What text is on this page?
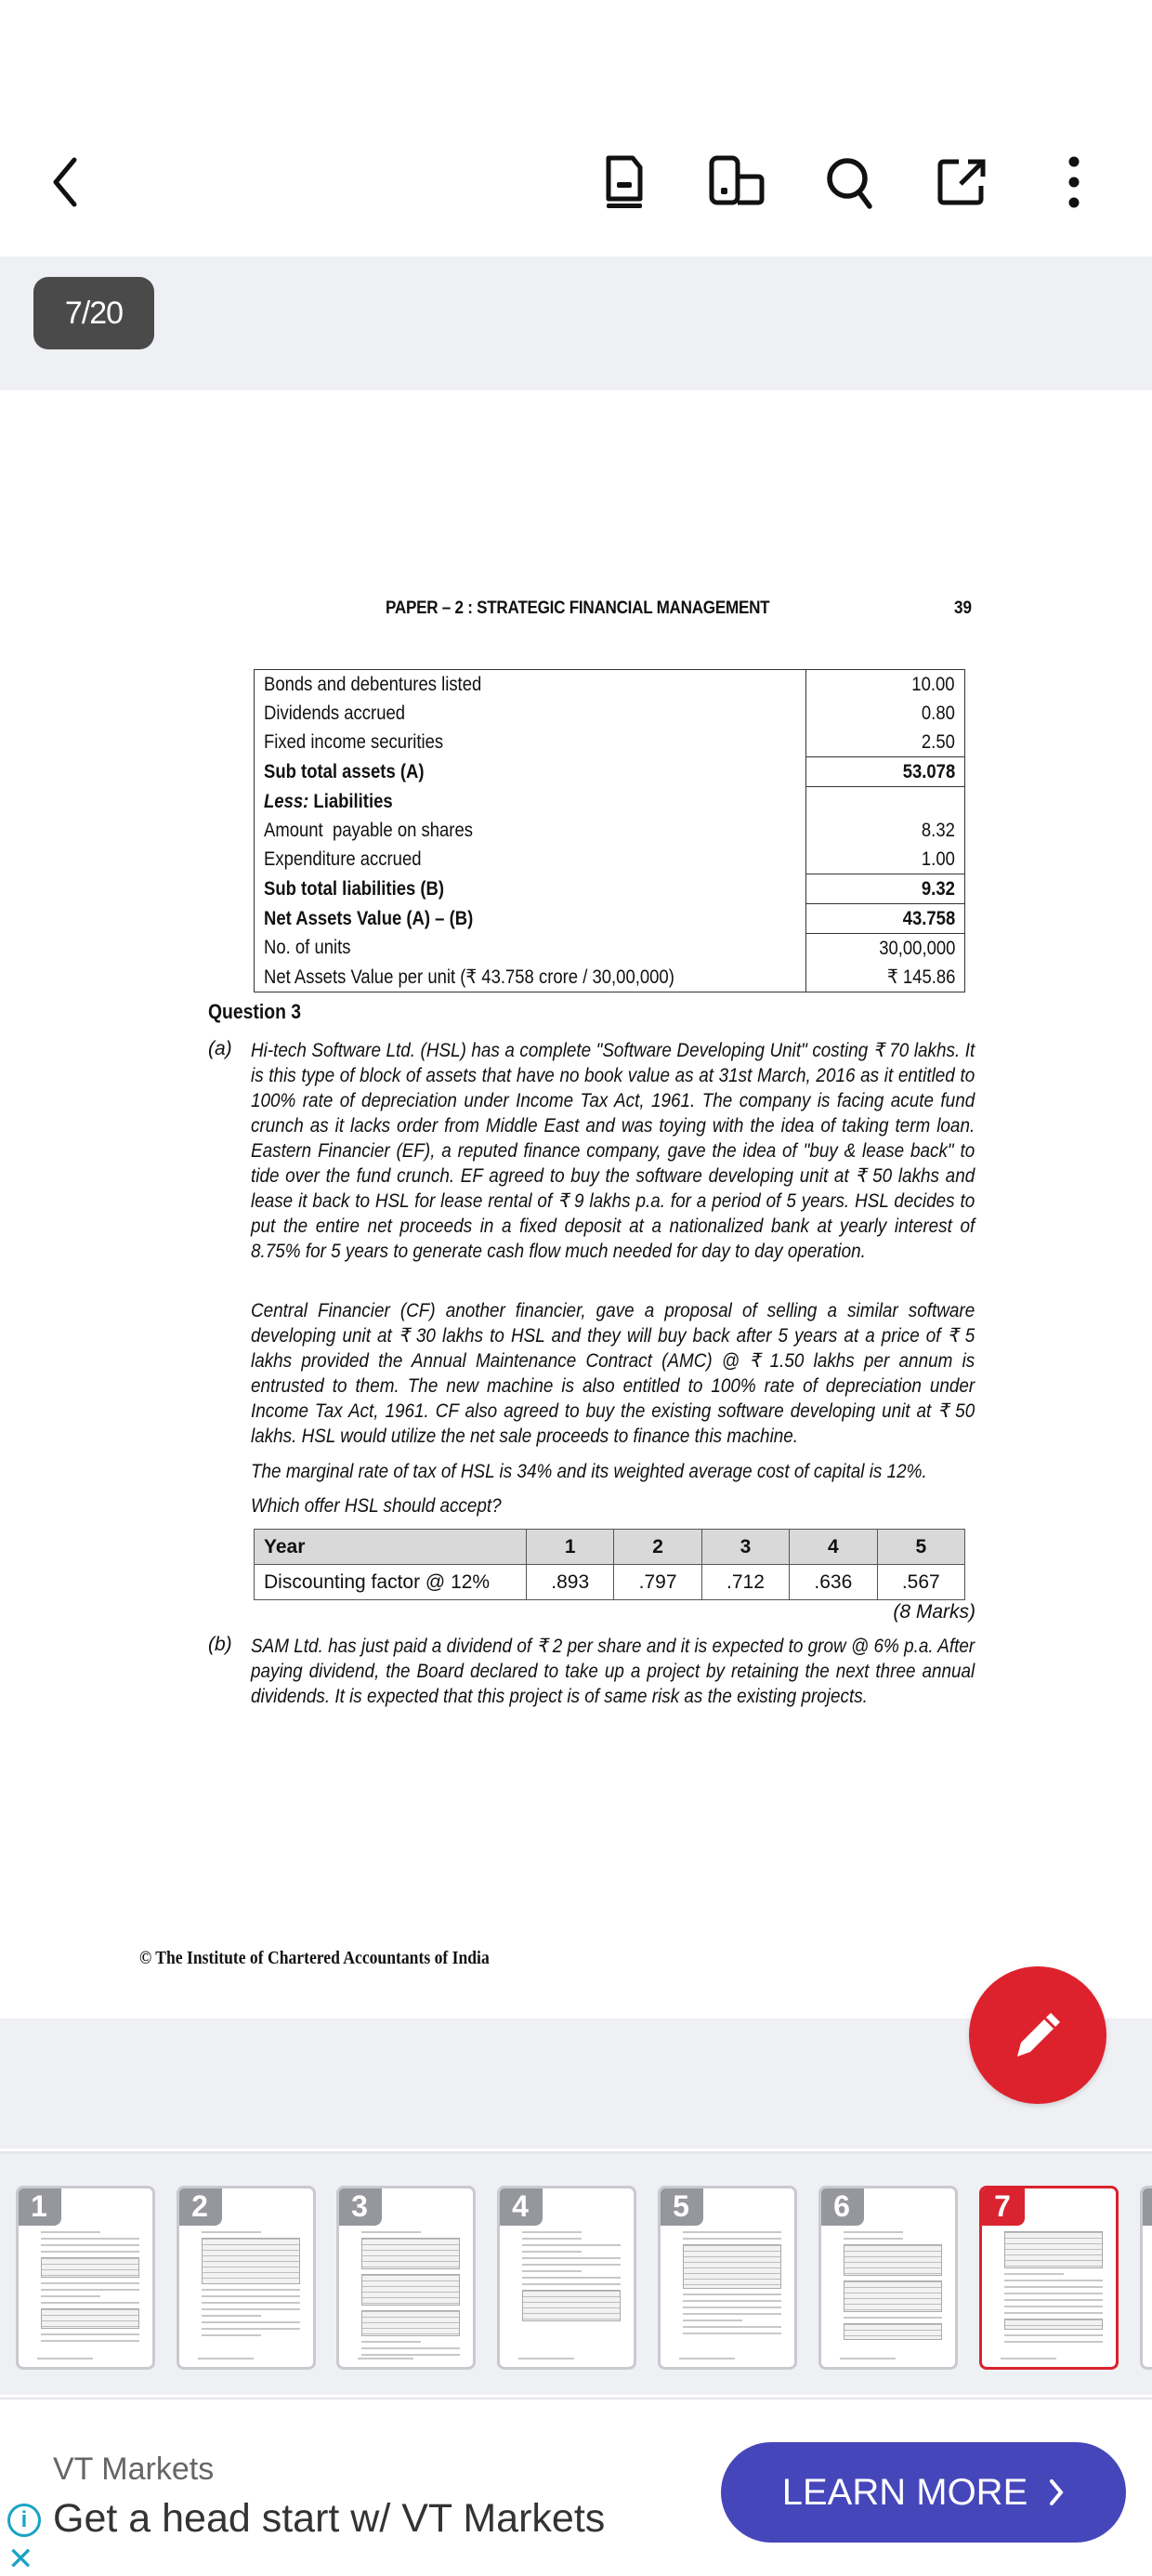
7/20
PAPER – 2 : STRATEGIC FINANCIAL MANAGEMENT	39
Bonds and debentures listed	10.00
Dividends accrued	0.80
Fixed income securities	2.50
Sub total assets (A)	53.078
Less: Liabilities	
Amount  payable on shares	8.32
Expenditure accrued	1.00
Sub total liabilities (B)	9.32
Net Assets Value (A) – (B)	43.758
No. of units	30,00,000
Net Assets Value per unit (₹ 43.758 crore / 30,00,000)	₹ 145.86
Question 3
(a) Hi-tech Software Ltd. (HSL) has a complete "Software Developing Unit" costing ₹ 70 lakhs. It is this type of block of assets that have no book value as at 31st March, 2016 as it entitled to 100% rate of depreciation under Income Tax Act, 1961. The company is facing acute fund crunch as it lacks order from Middle East and was toying with the idea of taking term loan. Eastern Financier (EF), a reputed finance company, gave the idea of "buy & lease back" to tide over the fund crunch. EF agreed to buy the software developing unit at ₹ 50 lakhs and lease it back to HSL for lease rental of ₹ 9 lakhs p.a. for a period of 5 years. HSL decides to put the entire net proceeds in a fixed deposit at a nationalized bank at yearly interest of 8.75% for 5 years to generate cash flow much needed for day to day operation.
Central Financier (CF) another financier, gave a proposal of selling a similar software developing unit at ₹ 30 lakhs to HSL and they will buy back after 5 years at a price of ₹ 5 lakhs provided the Annual Maintenance Contract (AMC) @ ₹ 1.50 lakhs per annum is entrusted to them. The new machine is also entitled to 100% rate of depreciation under Income Tax Act, 1961. CF also agreed to buy the existing software developing unit at ₹ 50 lakhs. HSL would utilize the net sale proceeds to finance this machine.
The marginal rate of tax of HSL is 34% and its weighted average cost of capital is 12%.
Which offer HSL should accept?
Year	1	2	3	4	5
Discounting factor @ 12%	.893	.797	.712	.636	.567
(8 Marks)
(b) SAM Ltd. has just paid a dividend of ₹ 2 per share and it is expected to grow @ 6% p.a. After paying dividend, the Board declared to take up a project by retaining the next three annual dividends. It is expected that this project is of same risk as the existing projects.
© The Institute of Chartered Accountants of India
1	2	3	4	5	6	7
VT Markets
Get a head start w/ VT Markets
i
✕
LEARN MORE
